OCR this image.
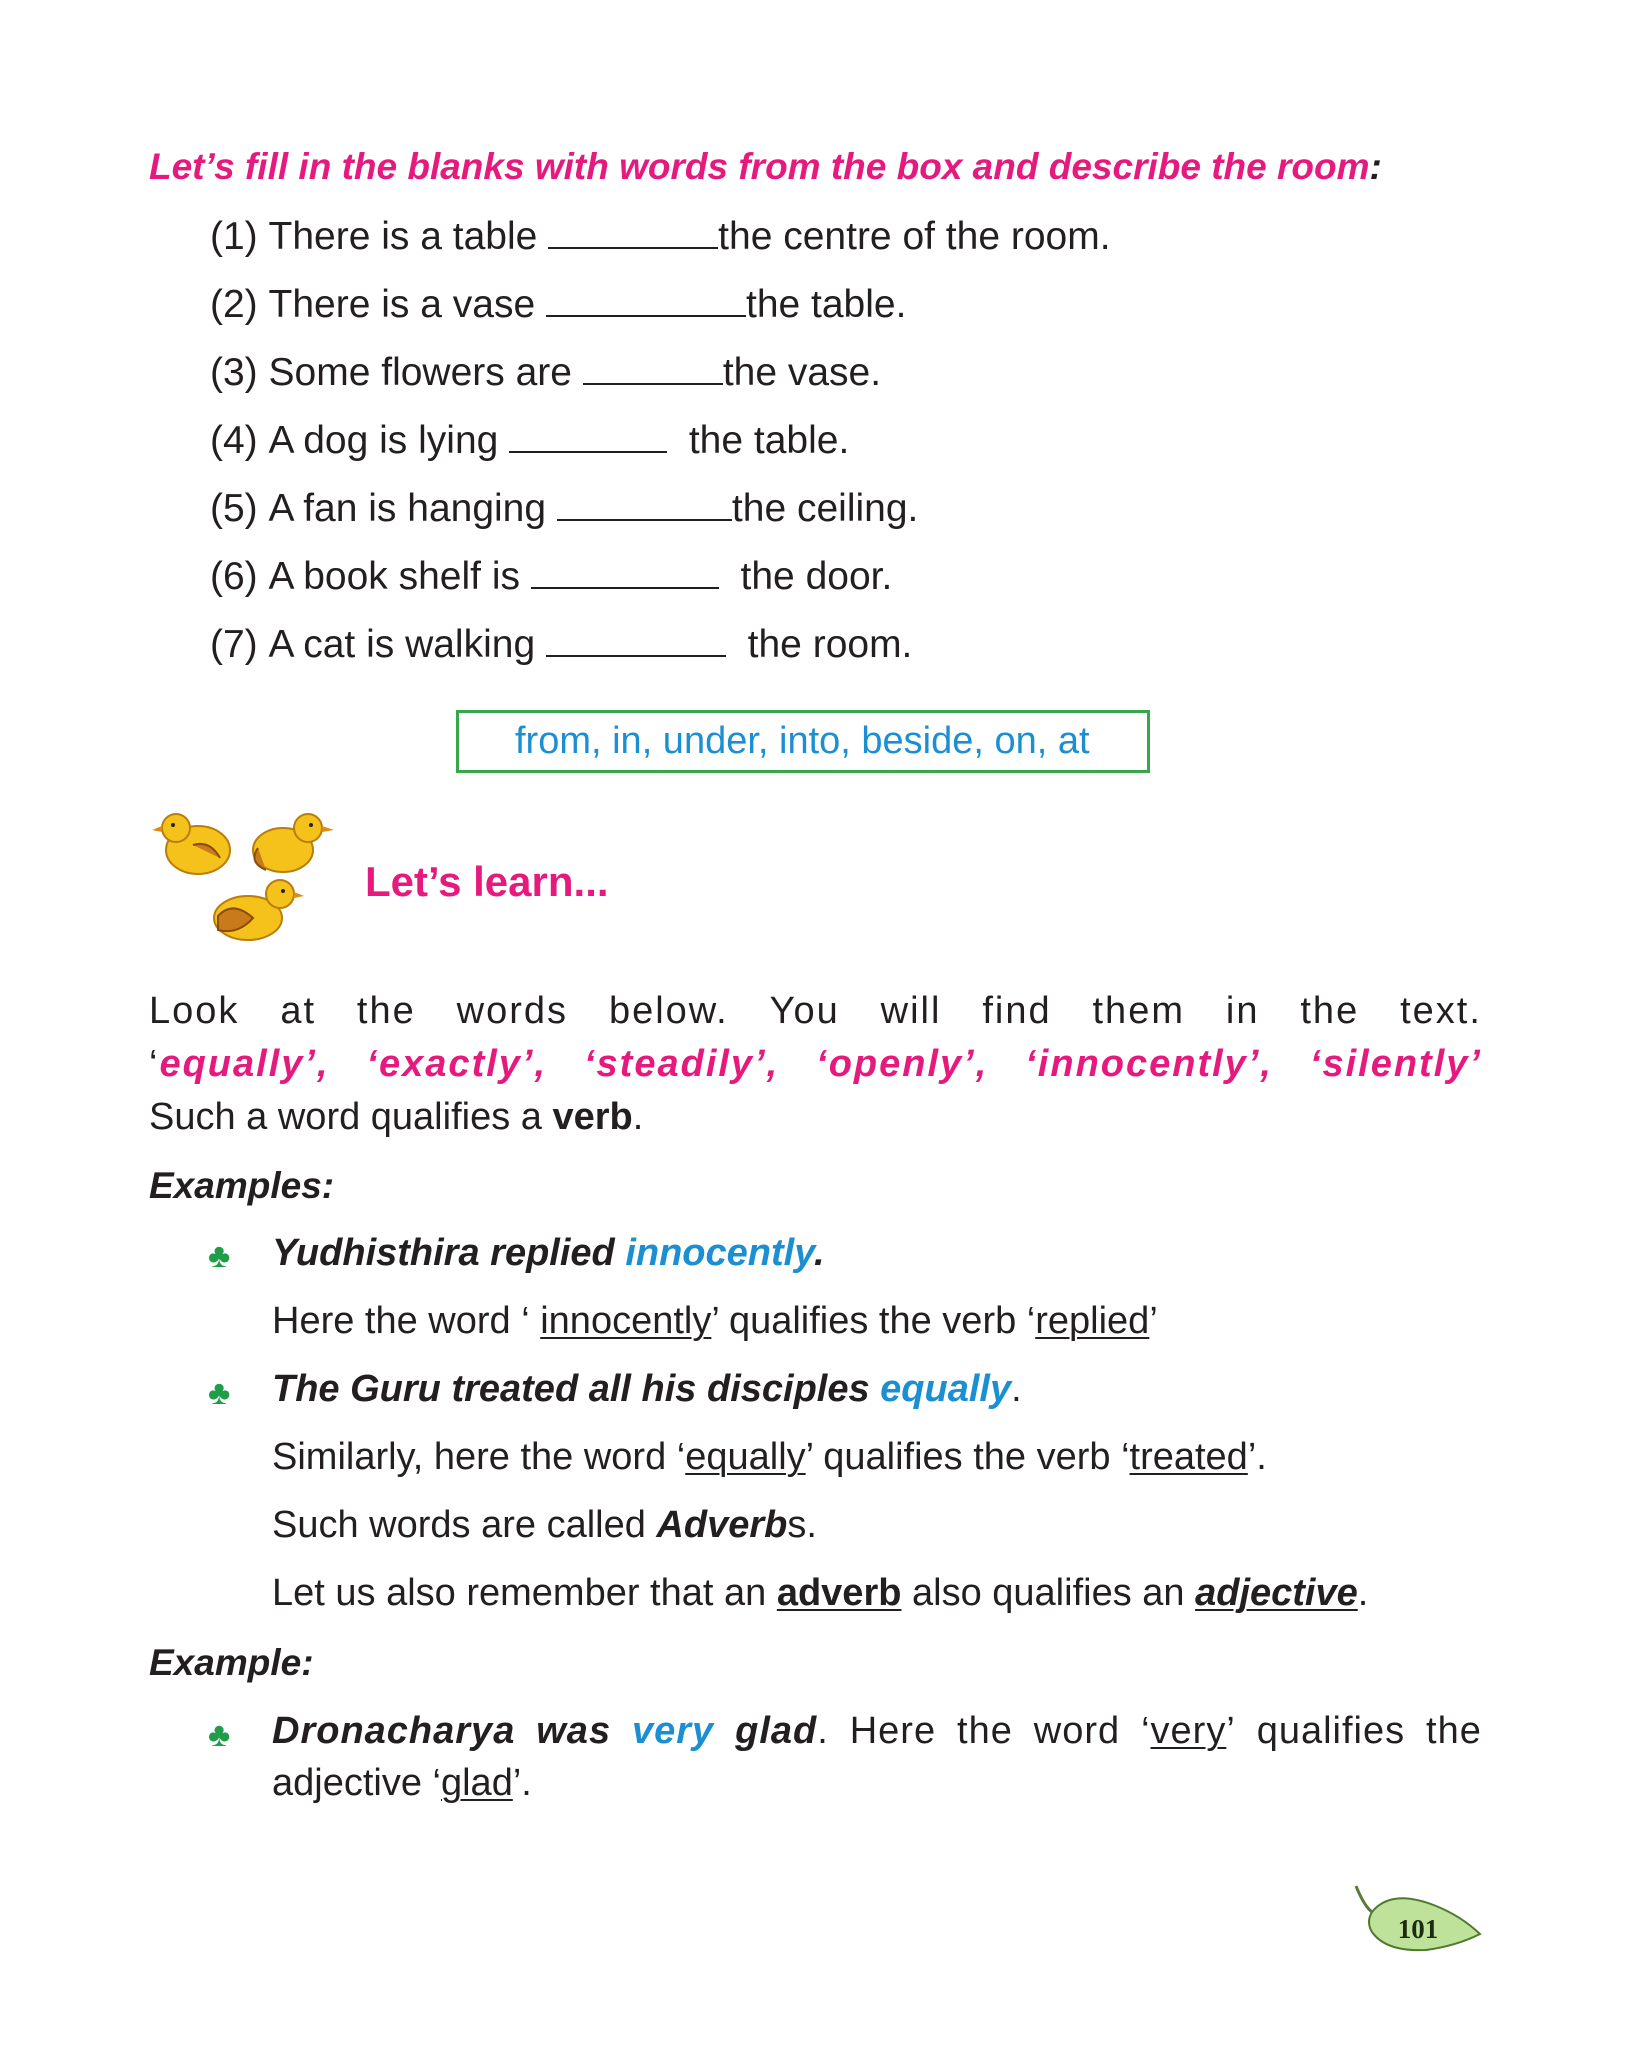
Let’s fill in the blanks with words from the box and describe the room:
(1) There is a table	the centre of the room.
(2) There is a vase	the table.
(3) Some flowers are	the vase.
(4) A dog is lying	the table.
(5) A fan is hanging	the ceiling.
(6) A book shelf is	the door.
(7) A cat is walking	the room.
from, in, under, into, beside, on, at
Let’s learn...
Look at the words below. You will find them in the text.
‘equally’, ‘exactly’, ‘steadily’, ‘openly’, ‘innocently’, ‘silently’
Such a word qualifies a verb.
Examples:
♣ Yudhisthira replied innocently.
Here the word ‘ innocently’ qualifies the verb ‘replied’
♣ The Guru treated all his disciples equally.
Similarly, here the word ‘equally’ qualifies the verb ‘treated’.
Such words are called Adverbs.
Let us also remember that an adverb also qualifies an adjective.
Example:
♣ Dronacharya was very glad. Here the word ‘very’ qualifies the
adjective ‘glad’.
101
